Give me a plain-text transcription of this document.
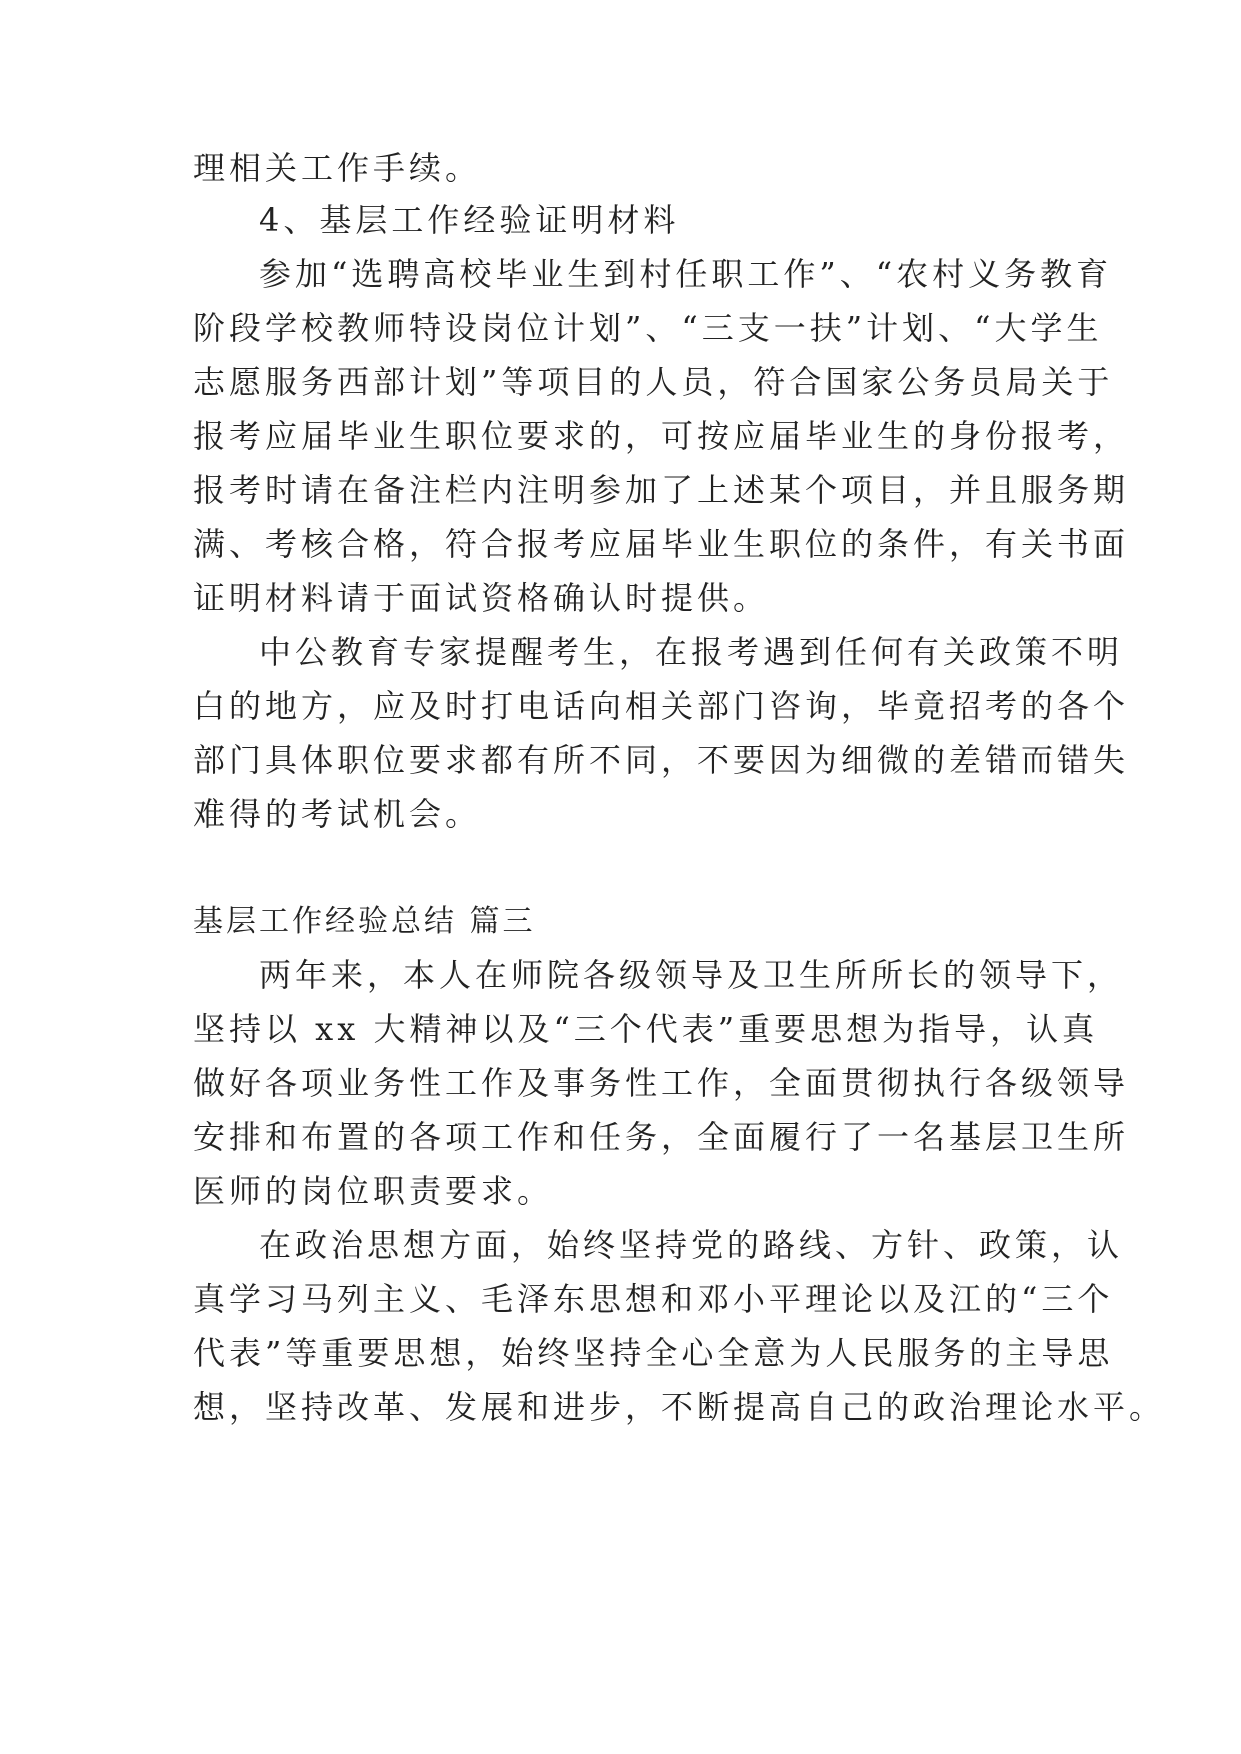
理相关工作手续。
4、基层工作经验证明材料
参加“选聘高校毕业生到村任职工作”、“农村义务教育
阶段学校教师特设岗位计划”、“三支一扶”计划、“大学生
志愿服务西部计划”等项目的人员，符合国家公务员局关于
报考应届毕业生职位要求的，可按应届毕业生的身份报考，
报考时请在备注栏内注明参加了上述某个项目，并且服务期
满、考核合格，符合报考应届毕业生职位的条件，有关书面
证明材料请于面试资格确认时提供。
中公教育专家提醒考生，在报考遇到任何有关政策不明
白的地方，应及时打电话向相关部门咨询，毕竟招考的各个
部门具体职位要求都有所不同，不要因为细微的差错而错失
难得的考试机会。
基层工作经验总结 篇三
两年来，本人在师院各级领导及卫生所所长的领导下，
坚持以 xx 大精神以及“三个代表”重要思想为指导，认真
做好各项业务性工作及事务性工作，全面贯彻执行各级领导
安排和布置的各项工作和任务，全面履行了一名基层卫生所
医师的岗位职责要求。
在政治思想方面，始终坚持党的路线、方针、政策，认
真学习马列主义、毛泽东思想和邓小平理论以及江的“三个
代表”等重要思想，始终坚持全心全意为人民服务的主导思
想，坚持改革、发展和进步，不断提高自己的政治理论水平。
